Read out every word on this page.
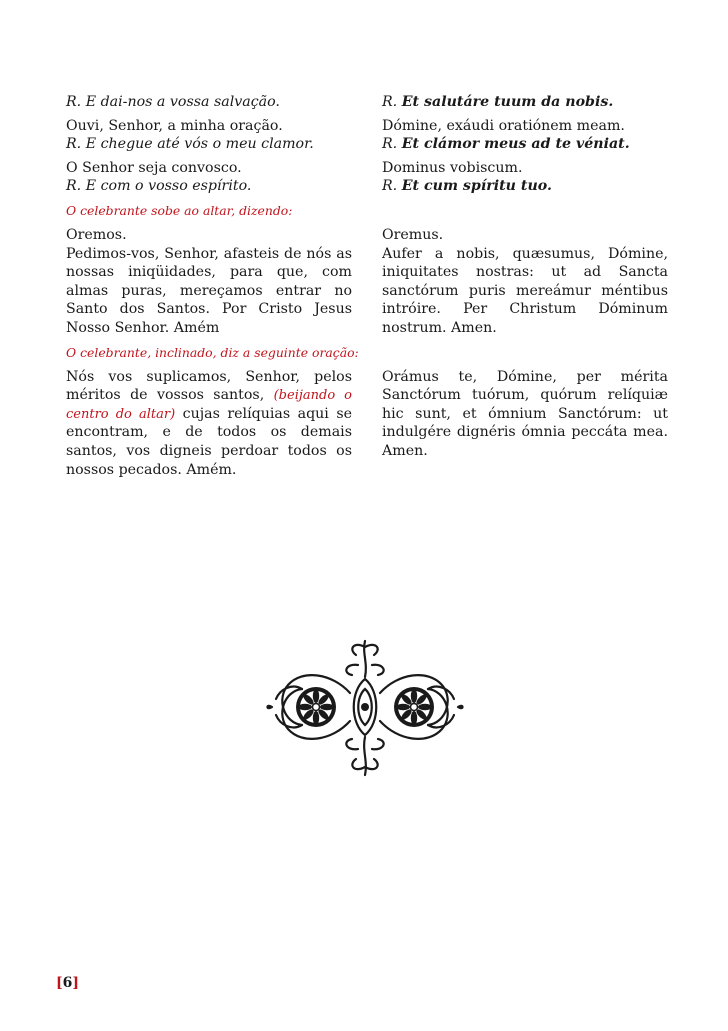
R. E dai-nos a vossa salvação.	R. Et salutáre tuum da nobis.
Ouvi, Senhor, a minha oração.
R. E chegue até vós o meu clamor.
Dómine, exáudi oratiónem meam.
R. Et clámor meus ad te véniat.
O Senhor seja convosco.
R. E com o vosso espírito.
Dominus vobiscum.
R. Et cum spíritu tuo.
O celebrante sobe ao altar, dizendo:
Oremos.
Pedimos-vos, Senhor, afasteis de nós as nossas iniqüidades, para que, com almas puras, mereçamos entrar no Santo dos Santos. Por Cristo Jesus Nosso Senhor. Amém
Oremus.
Aufer a nobis, quæsumus, Dómine, iniquitates nostras: ut ad Sancta sanctórum puris mereámur méntibus intróire. Per Christum Dóminum nostrum. Amen.
O celebrante, inclinado, diz a seguinte oração:
Nós vos suplicamos, Senhor, pelos méritos de vossos santos, (beijando o centro do altar) cujas relíquias aqui se encontram, e de todos os demais santos, vos digneis perdoar todos os nossos pecados. Amém.
Orámus te, Dómine, per mérita Sanctórum tuórum, quórum relíquiæ hic sunt, et ómnium Sanctórum: ut indulgére dignéris ómnia peccáta mea. Amen.
[6]
